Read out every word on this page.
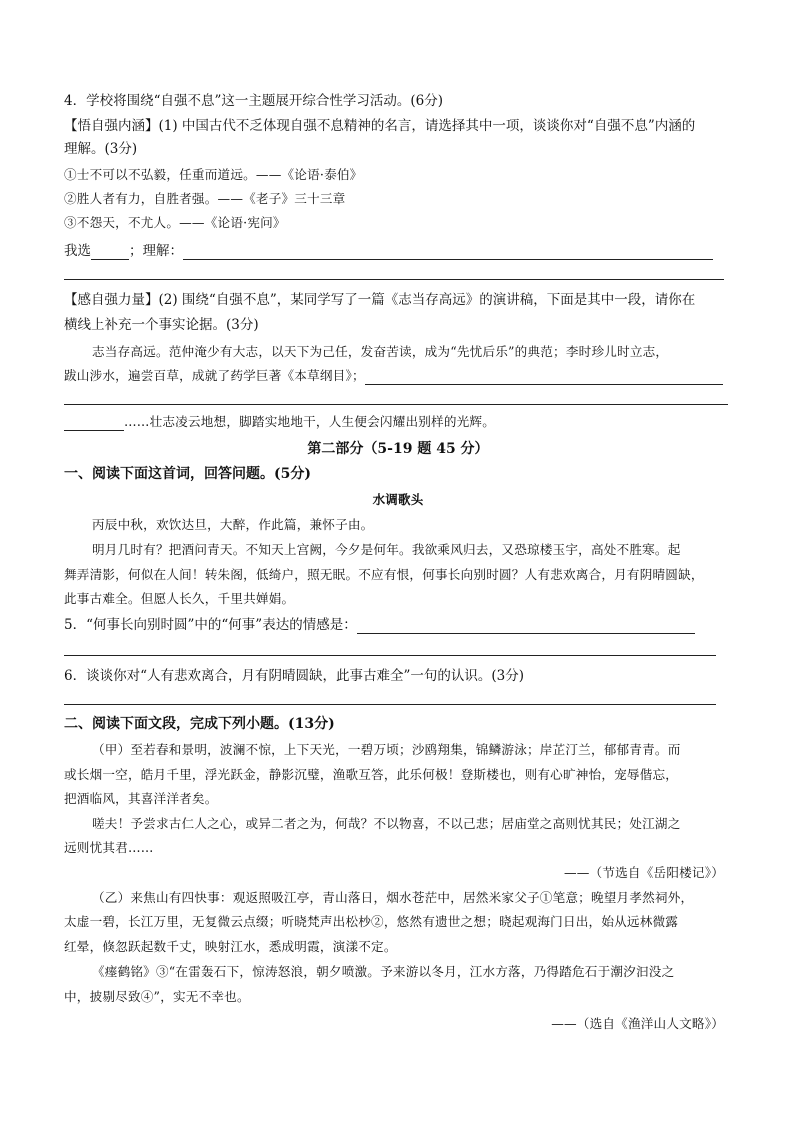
4．学校将围绕“自强不息”这一主题展开综合性学习活动。(6分)
【悟自强内涵】(1) 中国古代不乏体现自强不息精神的名言，请选择其中一项，谈谈你对“自强不息”内涵的
理解。(3分)
①士不可以不弘毅，任重而道远。——《论语·泰伯》
②胜人者有力，自胜者强。——《老子》三十三章
③不怨天，不尤人。——《论语·宪问》
我选	；理解：
【感自强力量】(2) 围绕“自强不息”，某同学写了一篇《志当存高远》的演讲稿，下面是其中一段，请你在
横线上补充一个事实论据。(3分)
志当存高远。范仲淹少有大志，以天下为己任，发奋苦读，成为“先忧后乐”的典范；李时珍儿时立志，
跋山涉水，遍尝百草，成就了药学巨著《本草纲目》；
……壮志凌云地想，脚踏实地地干，人生便会闪耀出别样的光辉。
第二部分（5-19 题 45 分）
一、阅读下面这首词，回答问题。(5分)
水调歌头
丙辰中秋，欢饮达旦，大醉，作此篇，兼怀子由。
明月几时有？把酒问青天。不知天上宫阙，今夕是何年。我欲乘风归去，又恐琼楼玉宇，高处不胜寒。起
舞弄清影，何似在人间！转朱阁，低绮户，照无眠。不应有恨，何事长向别时圆？人有悲欢离合，月有阴晴圆缺，
此事古难全。但愿人长久，千里共婵娟。
5．“何事长向别时圆”中的“何事”表达的情感是：
6．谈谈你对“人有悲欢离合，月有阴晴圆缺，此事古难全”一句的认识。(3分)
二、阅读下面文段，完成下列小题。(13分)
（甲）至若春和景明，波澜不惊，上下天光，一碧万顷；沙鸥翔集，锦鳞游泳；岸芷汀兰，郁郁青青。而
或长烟一空，皓月千里，浮光跃金，静影沉璧，渔歌互答，此乐何极！登斯楼也，则有心旷神怡，宠辱偕忘，
把酒临风，其喜洋洋者矣。
嗟夫！予尝求古仁人之心，或异二者之为，何哉？不以物喜，不以己悲；居庙堂之高则忧其民；处江湖之
远则忧其君……
——（节选自《岳阳楼记》）
（乙）来焦山有四快事：观返照吸江亭，青山落日，烟水苍茫中，居然米家父子①笔意；晚望月孝然祠外，
太虚一碧，长江万里，无复微云点缀；听晓梵声出松杪②，悠然有遗世之想；晓起观海门日出，始从远林微露
红晕，倏忽跃起数千丈，映射江水，悉成明霞，演漾不定。
《瘗鹤铭》③“在雷轰石下，惊涛怒浪，朝夕喷激。予来游以冬月，江水方落，乃得踏危石于潮汐汩没之
中，披剔尽致④”，实无不幸也。
——（选自《渔洋山人文略》）
